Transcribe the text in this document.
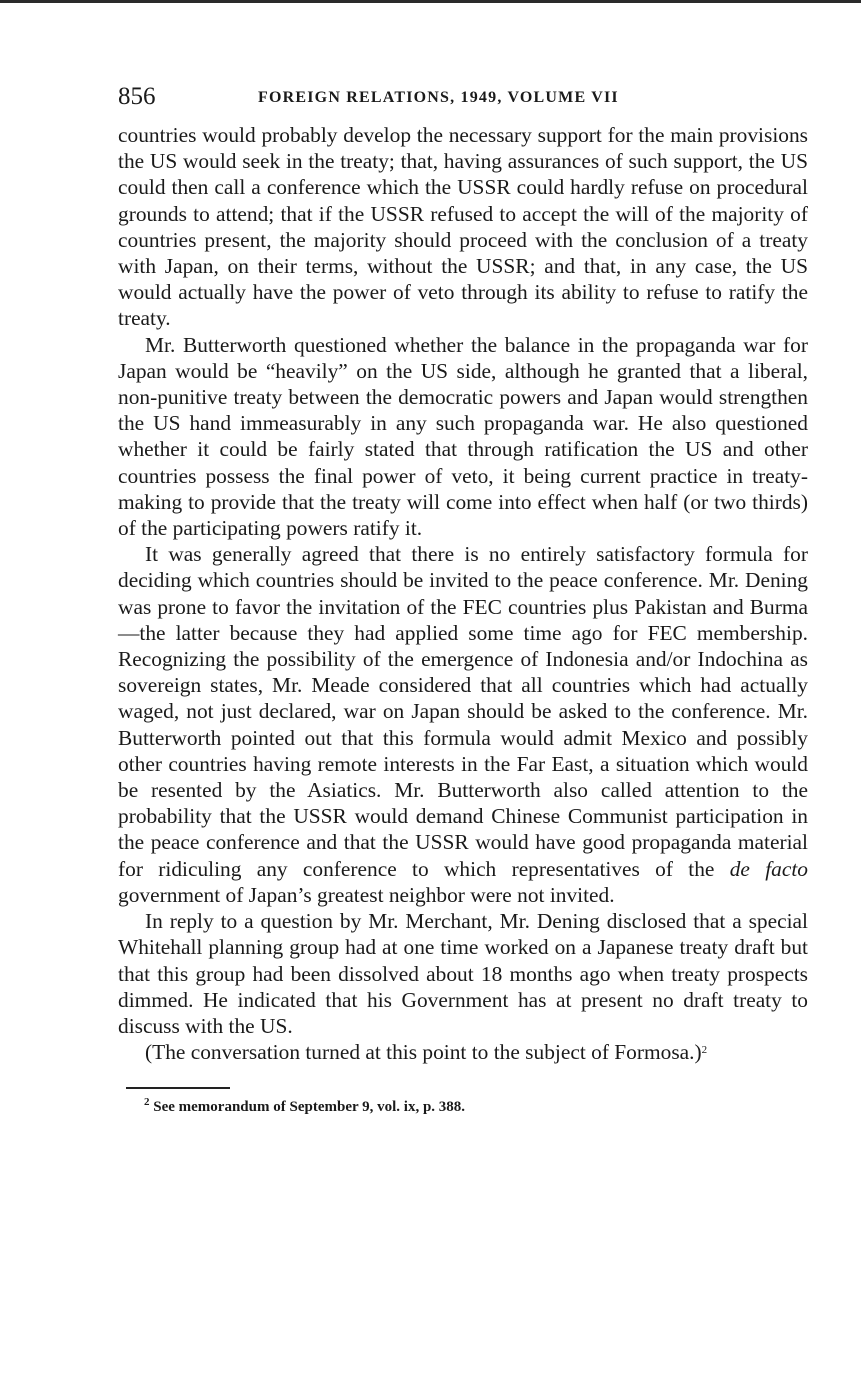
856	FOREIGN RELATIONS, 1949, VOLUME VII

countries would probably develop the necessary support for the main provisions the US would seek in the treaty; that, having assurances of such support, the US could then call a conference which the USSR could hardly refuse on procedural grounds to attend; that if the USSR refused to accept the will of the majority of countries present, the majority should proceed with the conclusion of a treaty with Japan, on their terms, without the USSR; and that, in any case, the US would actually have the power of veto through its ability to refuse to ratify the treaty.

Mr. Butterworth questioned whether the balance in the propaganda war for Japan would be “heavily” on the US side, although he granted that a liberal, non-punitive treaty between the democratic powers and Japan would strengthen the US hand immeasurably in any such propaganda war. He also questioned whether it could be fairly stated that through ratification the US and other countries possess the final power of veto, it being current practice in treaty-making to provide that the treaty will come into effect when half (or two thirds) of the participating powers ratify it.

It was generally agreed that there is no entirely satisfactory formula for deciding which countries should be invited to the peace conference. Mr. Dening was prone to favor the invitation of the FEC countries plus Pakistan and Burma—the latter because they had applied some time ago for FEC membership. Recognizing the possibility of the emergence of Indonesia and/or Indochina as sovereign states, Mr. Meade considered that all countries which had actually waged, not just declared, war on Japan should be asked to the conference. Mr. Butterworth pointed out that this formula would admit Mexico and possibly other countries having remote interests in the Far East, a situation which would be resented by the Asiatics. Mr. Butterworth also called attention to the probability that the USSR would demand Chinese Communist participation in the peace conference and that the USSR would have good propaganda material for ridiculing any conference to which representatives of the de facto government of Japan’s greatest neighbor were not invited.

In reply to a question by Mr. Merchant, Mr. Dening disclosed that a special Whitehall planning group had at one time worked on a Japanese treaty draft but that this group had been dissolved about 18 months ago when treaty prospects dimmed. He indicated that his Government has at present no draft treaty to discuss with the US.

(The conversation turned at this point to the subject of Formosa.)$^2$

$^2$ See memorandum of September 9, vol. ix, p. 388.
